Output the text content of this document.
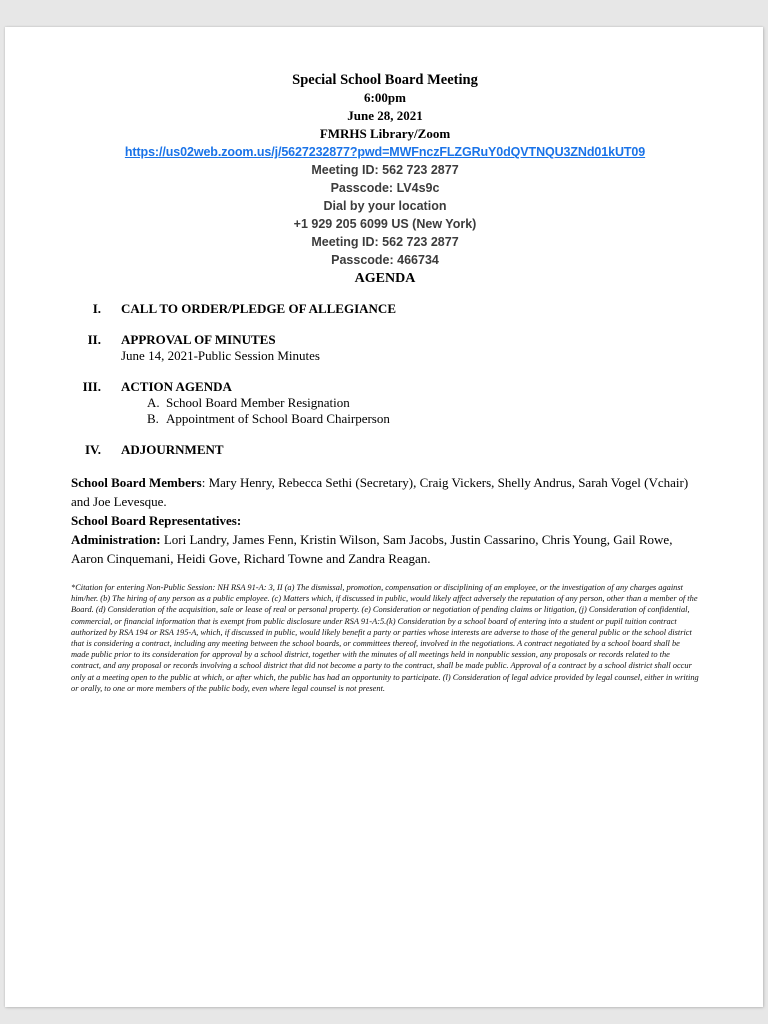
Special School Board Meeting
6:00pm
June 28, 2021
FMRHS Library/Zoom
https://us02web.zoom.us/j/5627232877?pwd=MWFnczFLZGRuY0dQVTNQU3ZNd01kUT09
Meeting ID: 562 723 2877
Passcode: LV4s9c
Dial by your location
+1 929 205 6099 US (New York)
Meeting ID: 562 723 2877
Passcode: 466734
AGENDA
I. CALL TO ORDER/PLEDGE OF ALLEGIANCE
II. APPROVAL OF MINUTES
June 14, 2021-Public Session Minutes
III. ACTION AGENDA
A. School Board Member Resignation
B. Appointment of School Board Chairperson
IV. ADJOURNMENT

School Board Members: Mary Henry, Rebecca Sethi (Secretary), Craig Vickers, Shelly Andrus, Sarah Vogel (Vchair) and Joe Levesque.

School Board Representatives:

Administration: Lori Landry, James Fenn, Kristin Wilson, Sam Jacobs, Justin Cassarino, Chris Young, Gail Rowe, Aaron Cinquemani, Heidi Gove, Richard Towne and Zandra Reagan.

*Citation for entering Non-Public Session: NH RSA 91-A: 3, II (a) The dismissal, promotion, compensation or disciplining of an employee, or the investigation of any charges against him/her. (b) The hiring of any person as a public employee. (c) Matters which, if discussed in public, would likely affect adversely the reputation of any person, other than a member of the Board. (d) Consideration of the acquisition, sale or lease of real or personal property. (e) Consideration or negotiation of pending claims or litigation, (j) Consideration of confidential, commercial, or financial information that is exempt from public disclosure under RSA 91-A:5.(k) Consideration by a school board of entering into a student or pupil tuition contract authorized by RSA 194 or RSA 195-A, which, if discussed in public, would likely benefit a party or parties whose interests are adverse to those of the general public or the school district that is considering a contract, including any meeting between the school boards, or committees thereof, involved in the negotiations. A contract negotiated by a school board shall be made public prior to its consideration for approval by a school district, together with the minutes of all meetings held in nonpublic session, any proposals or records related to the contract, and any proposal or records involving a school district that did not become a party to the contract, shall be made public. Approval of a contract by a school district shall occur only at a meeting open to the public at which, or after which, the public has had an opportunity to participate. (l) Consideration of legal advice provided by legal counsel, either in writing or orally, to one or more members of the public body, even where legal counsel is not present.
